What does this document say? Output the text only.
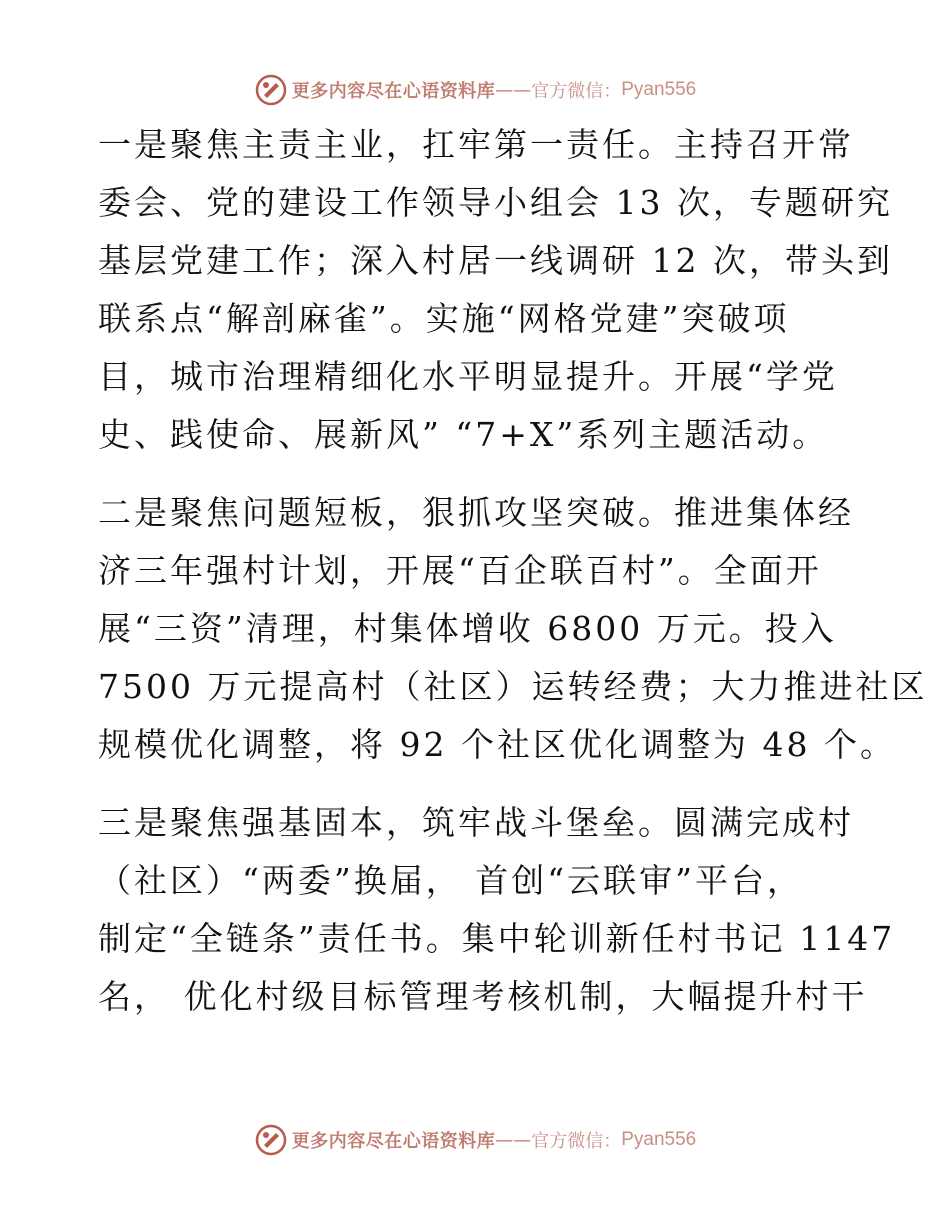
更多内容尽在心语资料库 —— 官方微信： Pyan556
一是聚焦主责主业，扛牢第一责任。主持召开常
委会、党的建设工作领导小组会 13 次，专题研究
基层党建工作；深入村居一线调研 12 次，带头到
联系点“解剖麻雀”。实施“网格党建”突破项
目，城市治理精细化水平明显提升。开展“学党
史、践使命、展新风” “7+X”系列主题活动。
二是聚焦问题短板，狠抓攻坚突破。推进集体经
济三年强村计划，开展“百企联百村”。全面开
展“三资”清理，村集体增收 6800 万元。投入
7500 万元提高村（社区）运转经费；大力推进社区
规模优化调整，将 92 个社区优化调整为 48 个。
三是聚焦强基固本，筑牢战斗堡垒。圆满完成村
（社区）“两委”换届， 首创“云联审”平台，
制定“全链条”责任书。集中轮训新任村书记 1147
名， 优化村级目标管理考核机制，大幅提升村干
更多内容尽在心语资料库 —— 官方微信： Pyan556
